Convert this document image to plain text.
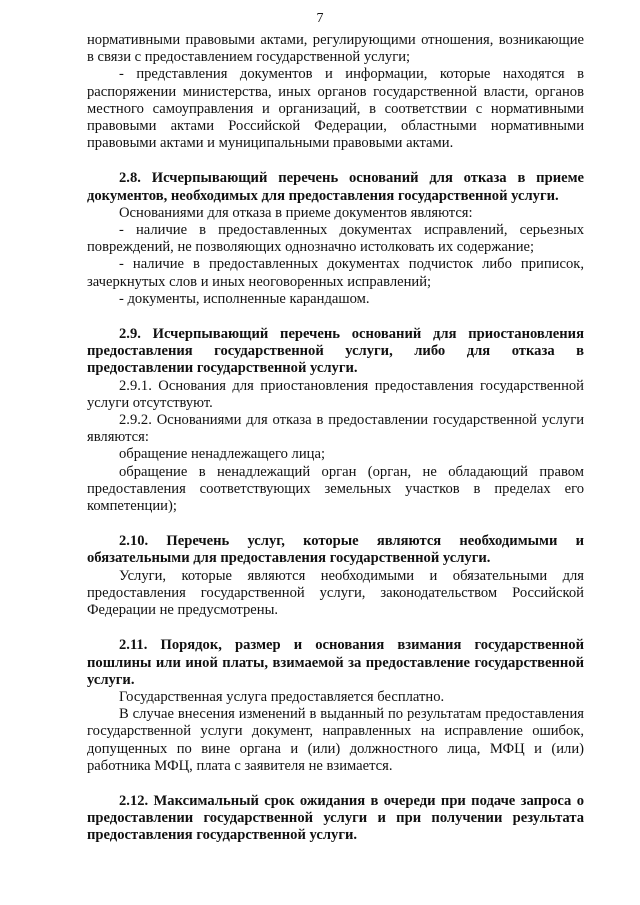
7

нормативными правовыми актами, регулирующими отношения, возникающие в связи с предоставлением государственной услуги;

- представления документов и информации, которые находятся в распоряжении министерства, иных органов государственной власти, органов местного самоуправления и организаций, в соответствии с нормативными правовыми актами Российской Федерации, областными нормативными правовыми актами и муниципальными правовыми актами.

2.8. Исчерпывающий перечень оснований для отказа в приеме документов, необходимых для предоставления государственной услуги.

Основаниями для отказа в приеме документов являются:

- наличие в предоставленных документах исправлений, серьезных повреждений, не позволяющих однозначно истолковать их содержание;

- наличие в предоставленных документах подчисток либо приписок, зачеркнутых слов и иных неоговоренных исправлений;

- документы, исполненные карандашом.

2.9. Исчерпывающий перечень оснований для приостановления предоставления государственной услуги, либо для отказа в предоставлении государственной услуги.

2.9.1. Основания для приостановления предоставления государственной услуги отсутствуют.

2.9.2. Основаниями для отказа в предоставлении государственной услуги являются:

обращение ненадлежащего лица;

обращение в ненадлежащий орган (орган, не обладающий правом предоставления соответствующих земельных участков в пределах его компетенции);

2.10. Перечень услуг, которые являются необходимыми и обязательными для предоставления государственной услуги.

Услуги, которые являются необходимыми и обязательными для предоставления государственной услуги, законодательством Российской Федерации не предусмотрены.

2.11. Порядок, размер и основания взимания государственной пошлины или иной платы, взимаемой за предоставление государственной услуги.

Государственная услуга предоставляется бесплатно.

В случае внесения изменений в выданный по результатам предоставления государственной услуги документ, направленных на исправление ошибок, допущенных по вине органа и (или) должностного лица, МФЦ и (или) работника МФЦ, плата с заявителя не взимается.

2.12. Максимальный срок ожидания в очереди при подаче запроса о предоставлении государственной услуги и при получении результата предоставления государственной услуги.
